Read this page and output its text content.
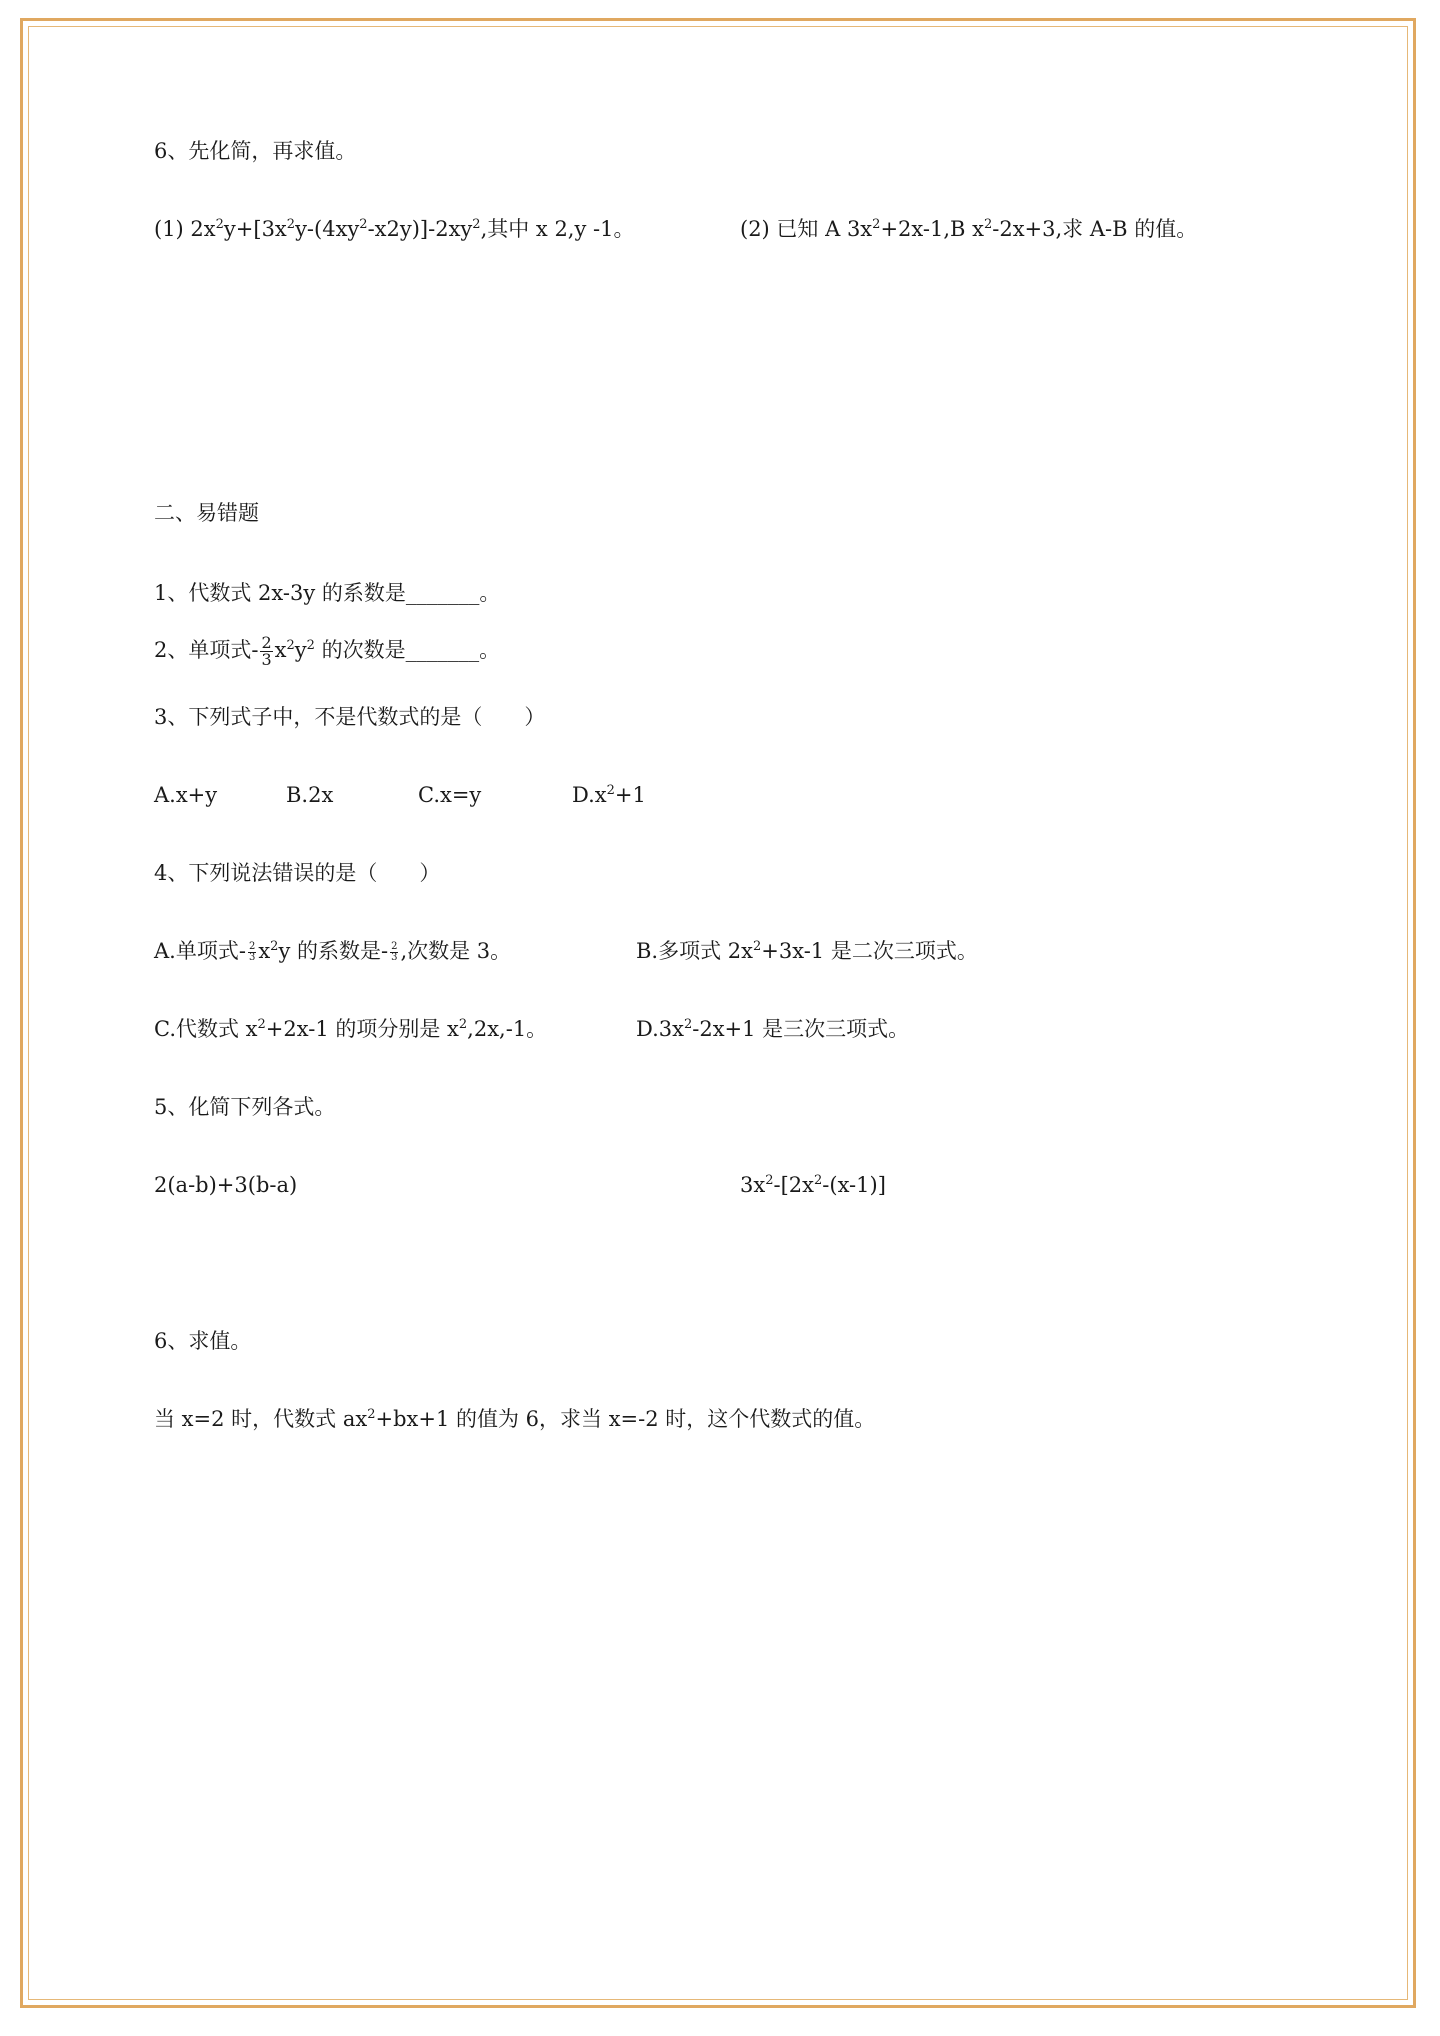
6、先化简，再求值。
(1) $2x^2y+[3x^2y-(4xy^2-x2y)]-2xy^2$,其中 x 2,y -1。	(2) 已知 A $3x^2+2x-1,B$ $x^2-2x+3$,求 A-B 的值。
二、易错题
1、代数式 2x-3y 的系数是_______。
2、单项式- $\frac{2}{3} x^2y^2$ 的次数是_______。
3、下列式子中，不是代数式的是（　　）
A.x+y	B.2x	C.x=y	$D.x^2+1$
4、下列说法错误的是（　　）
A.单项式- $\frac{2}{3} x^2y$ 的系数是- $\frac{2}{3}$ ,次数是 3。	B.多项式 $2x^2+3x-1$ 是二次三项式。
C.代数式 $x^2+2x-1$ 的项分别是 $x^2,2x,-1$。	$D.3x^2-2x+1$ 是三次三项式。
5、化简下列各式。
2(a-b)+3(b-a)	$3x^2-[2x^2-(x-1)]$
6、求值。
当 x=2 时，代数式 $ax^2+bx+1$ 的值为 6，求当 x=-2 时，这个代数式的值。
